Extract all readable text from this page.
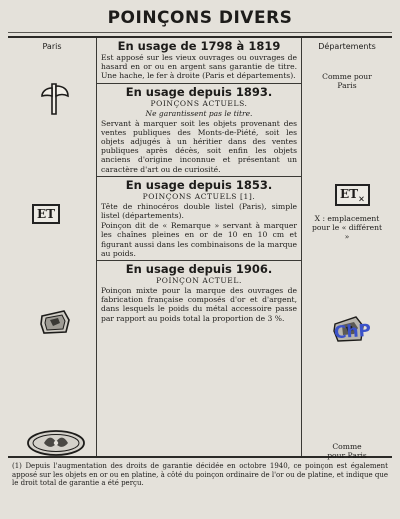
POINÇONS DIVERS
Paris
ET
En usage de 1798 à 1819

Est apposé sur les vieux ouvrages ou ouvrages de hasard en or ou en argent sans garantie de titre. Une hache, le fer à droite (Paris et départements).

En usage depuis 1893.

POINÇONS ACTUELS.

Ne garantissent pas le titre.

Servant à marquer soit les objets provenant des ventes publiques des Monts-de-Piété, soit les objets adjugés à un héritier dans des ventes publiques après décès, soit enfin les objets anciens d'origine inconnue et présentant un caractère d'art ou de curiosité.

En usage depuis 1853.

POINÇONS ACTUELS [1].

Tête de rhinocéros double listel (Paris), simple listel (départements).

Poinçon dit de « Remarque » servant à marquer les chaînes pleines en or de 10 en 10 cm et figurant aussi dans les combinaisons de la marque au poids.

En usage depuis 1906.

POINÇON ACTUEL.

Poinçon mixte pour la marque des ouvrages de fabrication française composés d'or et d'argent, dans lesquels le poids du métal accessoire passe par rapport au poids total la proportion de 3 %.

Départements
Comme pour Paris
$ET_\times$
X : emplacement pour le « différent »
Comme pour Paris
(1) Depuis l'augmentation des droits de garantie décidée en octobre 1940, ce poinçon est également apposé sur les objets en or ou en platine, à côté du poinçon ordinaire de l'or ou de platine, et indique que le droit total de garantie a été perçu.
ChP
